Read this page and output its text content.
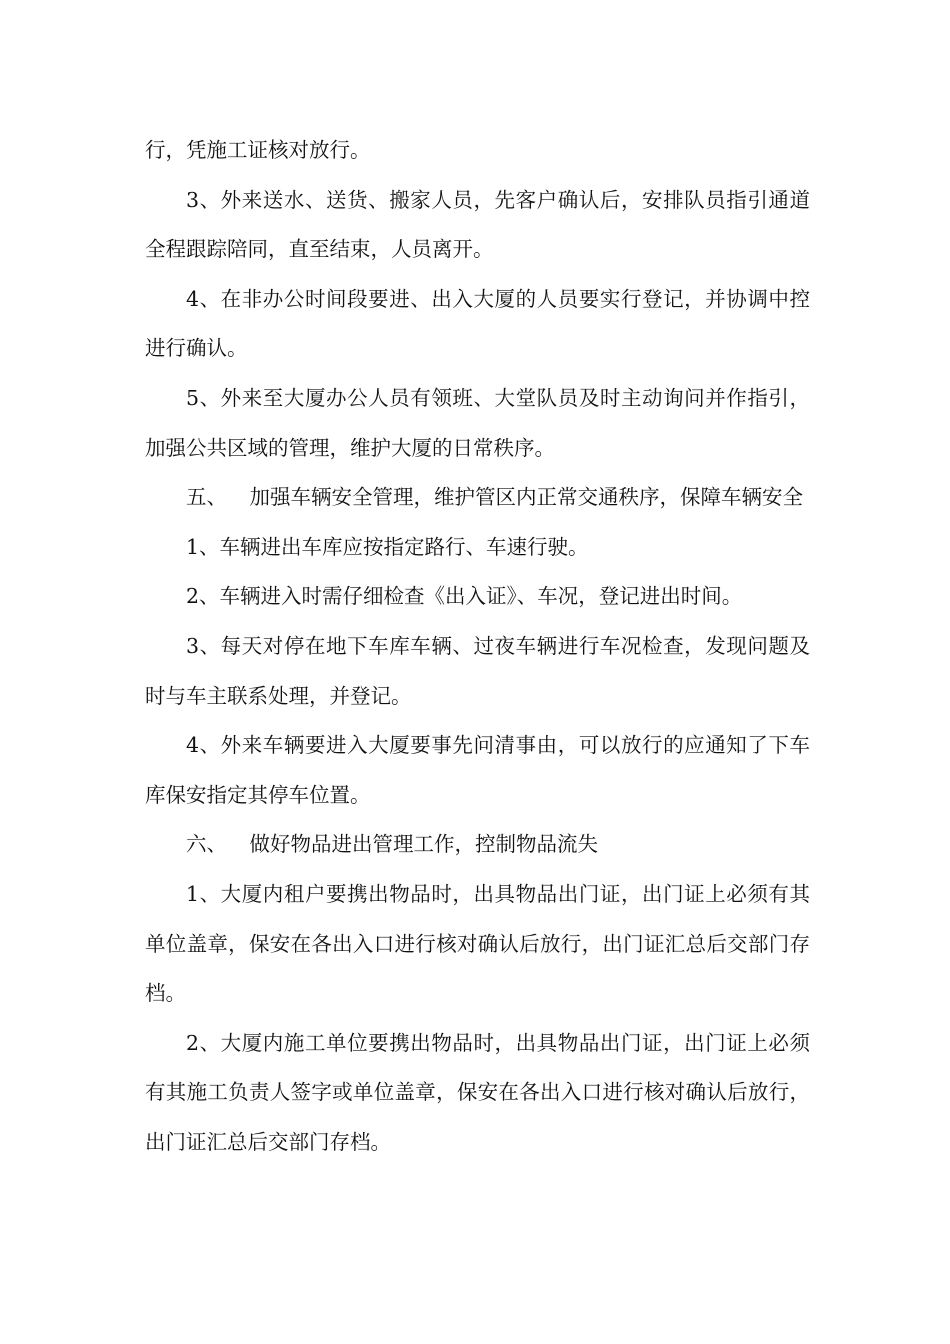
行，凭施工证核对放行。

3、外来送水、送货、搬家人员，先客户确认后，安排队员指引通道全程跟踪陪同，直至结束，人员离开。

4、在非办公时间段要进、出入大厦的人员要实行登记，并协调中控进行确认。

5、外来至大厦办公人员有领班、大堂队员及时主动询问并作指引，加强公共区域的管理，维护大厦的日常秩序。

五、 加强车辆安全管理，维护管区内正常交通秩序，保障车辆安全

1、车辆进出车库应按指定路行、车速行驶。

2、车辆进入时需仔细检查《出入证》、车况，登记进出时间。

3、每天对停在地下车库车辆、过夜车辆进行车况检查，发现问题及时与车主联系处理，并登记。

4、外来车辆要进入大厦要事先问清事由，可以放行的应通知了下车库保安指定其停车位置。

六、 做好物品进出管理工作，控制物品流失

1、大厦内租户要携出物品时，出具物品出门证，出门证上必须有其单位盖章，保安在各出入口进行核对确认后放行，出门证汇总后交部门存档。

2、大厦内施工单位要携出物品时，出具物品出门证，出门证上必须有其施工负责人签字或单位盖章，保安在各出入口进行核对确认后放行，出门证汇总后交部门存档。
